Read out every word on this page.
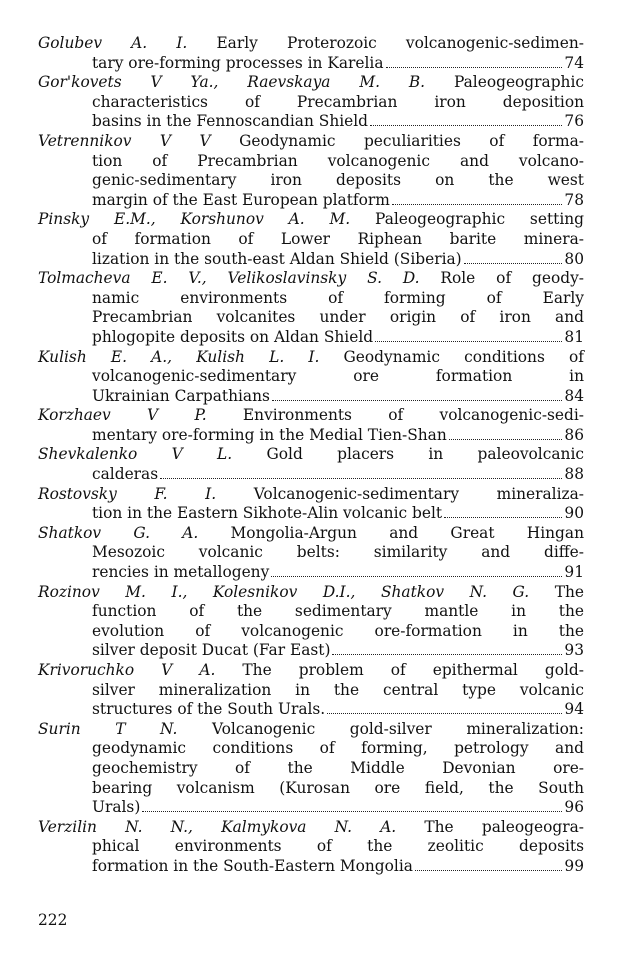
Golubev A. I. Early Proterozoic volcanogenic-sedimen-
tary ore-forming processes in Karelia	74
Gor'kovets V Ya., Raevskaya M. B. Paleogeographic
characteristics of Precambrian iron deposition
basins in the Fennoscandian Shield	76
Vetrennikov V V Geodynamic peculiarities of forma-
tion of Precambrian volcanogenic and volcano-
genic-sedimentary iron deposits on the west
margin of the East European platform	78
Pinsky E.M., Korshunov A. M. Paleogeographic setting
of formation of Lower Riphean barite minera-
lization in the south-east Aldan Shield (Siberia)	80
Tolmacheva E. V., Velikoslavinsky S. D. Role of geody-
namic environments of forming of Early
Precambrian volcanites under origin of iron and
phlogopite deposits on Aldan Shield	81
Kulish E. A., Kulish L. I. Geodynamic conditions of
volcanogenic-sedimentary ore formation in
Ukrainian Carpathians	84
Korzhaev V P. Environments of volcanogenic-sedi-
mentary ore-forming in the Medial Tien-Shan	86
Shevkalenko V L. Gold placers in paleovolcanic
calderas	88
Rostovsky F. I. Volcanogenic-sedimentary mineraliza-
tion in the Eastern Sikhote-Alin volcanic belt	90
Shatkov G. A. Mongolia-Argun and Great Hingan
Mesozoic volcanic belts: similarity and diffe-
rencies in metallogeny	91
Rozinov M. I., Kolesnikov D.I., Shatkov N. G. The
function of the sedimentary mantle in the
evolution of volcanogenic ore-formation in the
silver deposit Ducat (Far East)	93
Krivoruchko V A. The problem of epithermal gold-
silver mineralization in the central type volcanic
structures of the South Urals.	94
Surin T N. Volcanogenic gold-silver mineralization:
geodynamic conditions of forming, petrology and
geochemistry of the Middle Devonian ore-
bearing volcanism (Kurosan ore field, the South
Urals)	96
Verzilin N. N., Kalmykova N. A. The paleogeogra-
phical environments of the zeolitic deposits
formation in the South-Eastern Mongolia	99
222
